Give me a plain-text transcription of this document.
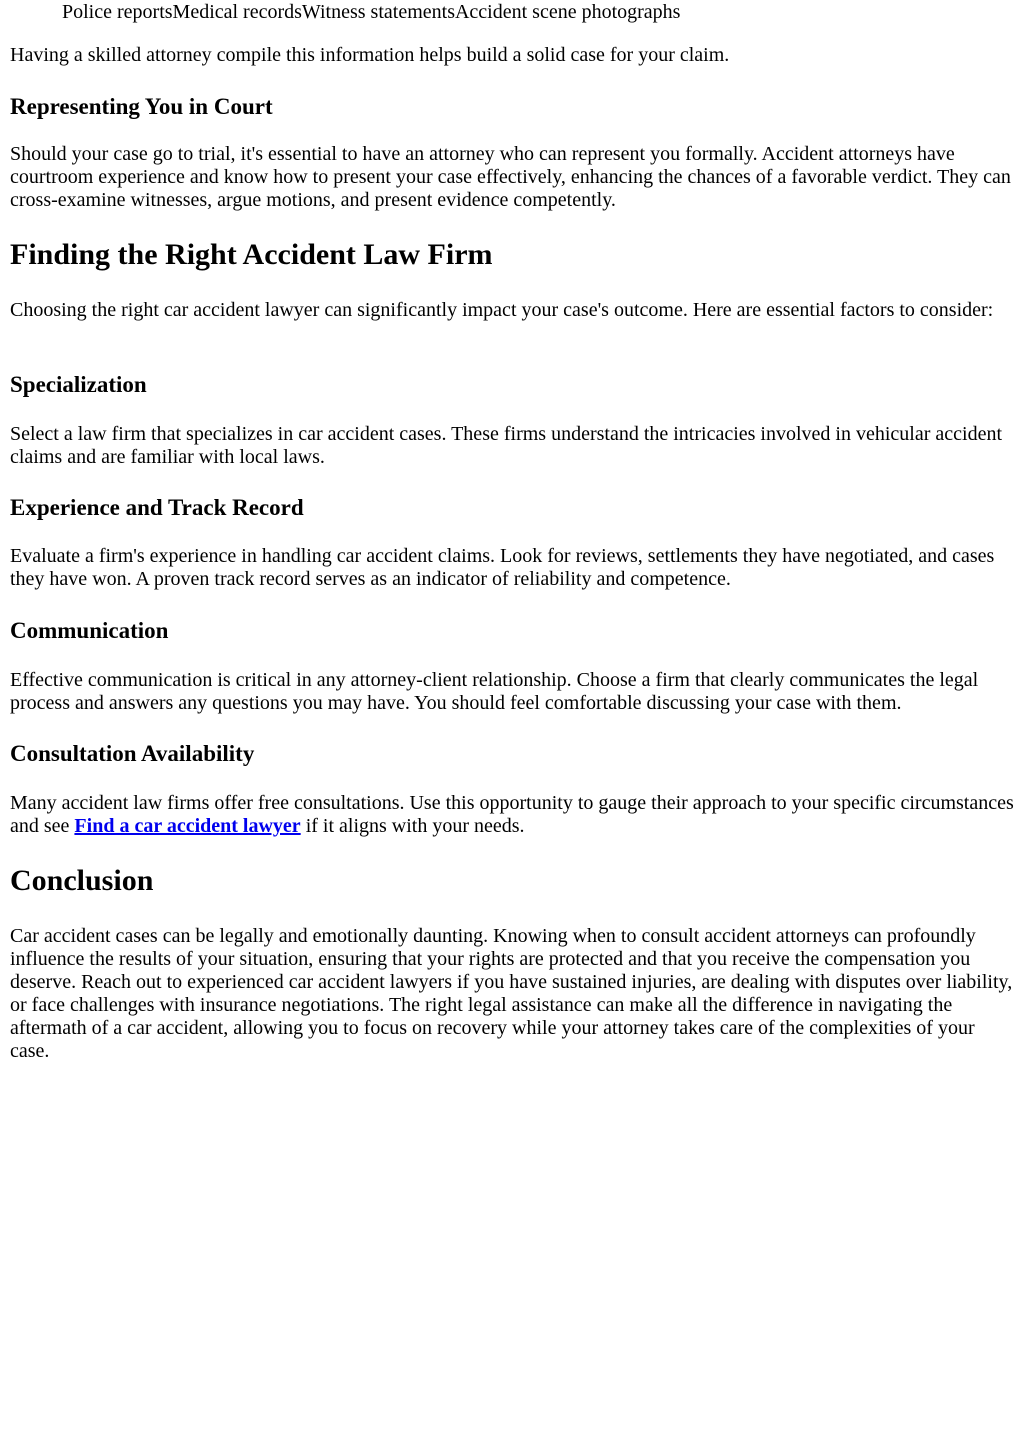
Police reportsMedical recordsWitness statementsAccident scene photographs

Having a skilled attorney compile this information helps build a solid case for your claim.

Representing You in Court

Should your case go to trial, it's essential to have an attorney who can represent you formally. Accident attorneys have courtroom experience and know how to present your case effectively, enhancing the chances of a favorable verdict. They can cross-examine witnesses, argue motions, and present evidence competently.

Finding the Right Accident Law Firm

Choosing the right car accident lawyer can significantly impact your case's outcome. Here are essential factors to consider:

Specialization

Select a law firm that specializes in car accident cases. These firms understand the intricacies involved in vehicular accident claims and are familiar with local laws.

Experience and Track Record

Evaluate a firm's experience in handling car accident claims. Look for reviews, settlements they have negotiated, and cases they have won. A proven track record serves as an indicator of reliability and competence.

Communication

Effective communication is critical in any attorney-client relationship. Choose a firm that clearly communicates the legal process and answers any questions you may have. You should feel comfortable discussing your case with them.

Consultation Availability

Many accident law firms offer free consultations. Use this opportunity to gauge their approach to your specific circumstances and see Find a car accident lawyer if it aligns with your needs.

Conclusion

Car accident cases can be legally and emotionally daunting. Knowing when to consult accident attorneys can profoundly influence the results of your situation, ensuring that your rights are protected and that you receive the compensation you deserve. Reach out to experienced car accident lawyers if you have sustained injuries, are dealing with disputes over liability, or face challenges with insurance negotiations. The right legal assistance can make all the difference in navigating the aftermath of a car accident, allowing you to focus on recovery while your attorney takes care of the complexities of your case.
